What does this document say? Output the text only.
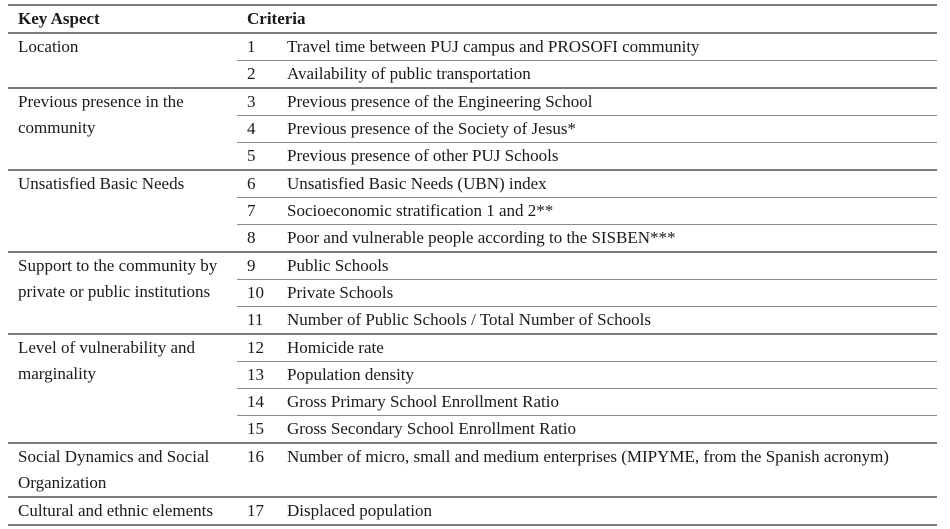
Key Aspect	Criteria	
Location	1	Travel time between PUJ campus and PROSOFI community
	2	Availability of public transportation
Previous presence in the community	3	Previous presence of the Engineering School
	4	Previous presence of the Society of Jesus*
	5	Previous presence of other PUJ Schools
Unsatisfied Basic Needs	6	Unsatisfied Basic Needs (UBN) index
	7	Socioeconomic stratification 1 and 2**
	8	Poor and vulnerable people according to the SISBEN***
Support to the community by private or public institutions	9	Public Schools
	10	Private Schools
	11	Number of Public Schools / Total Number of Schools
Level of vulnerability and marginality	12	Homicide rate
	13	Population density
	14	Gross Primary School Enrollment Ratio
	15	Gross Secondary School Enrollment Ratio
Social Dynamics and Social Organization	16	Number of micro, small and medium enterprises (MIPYME, from the Spanish acronym)
Cultural and ethnic elements	17	Displaced population
